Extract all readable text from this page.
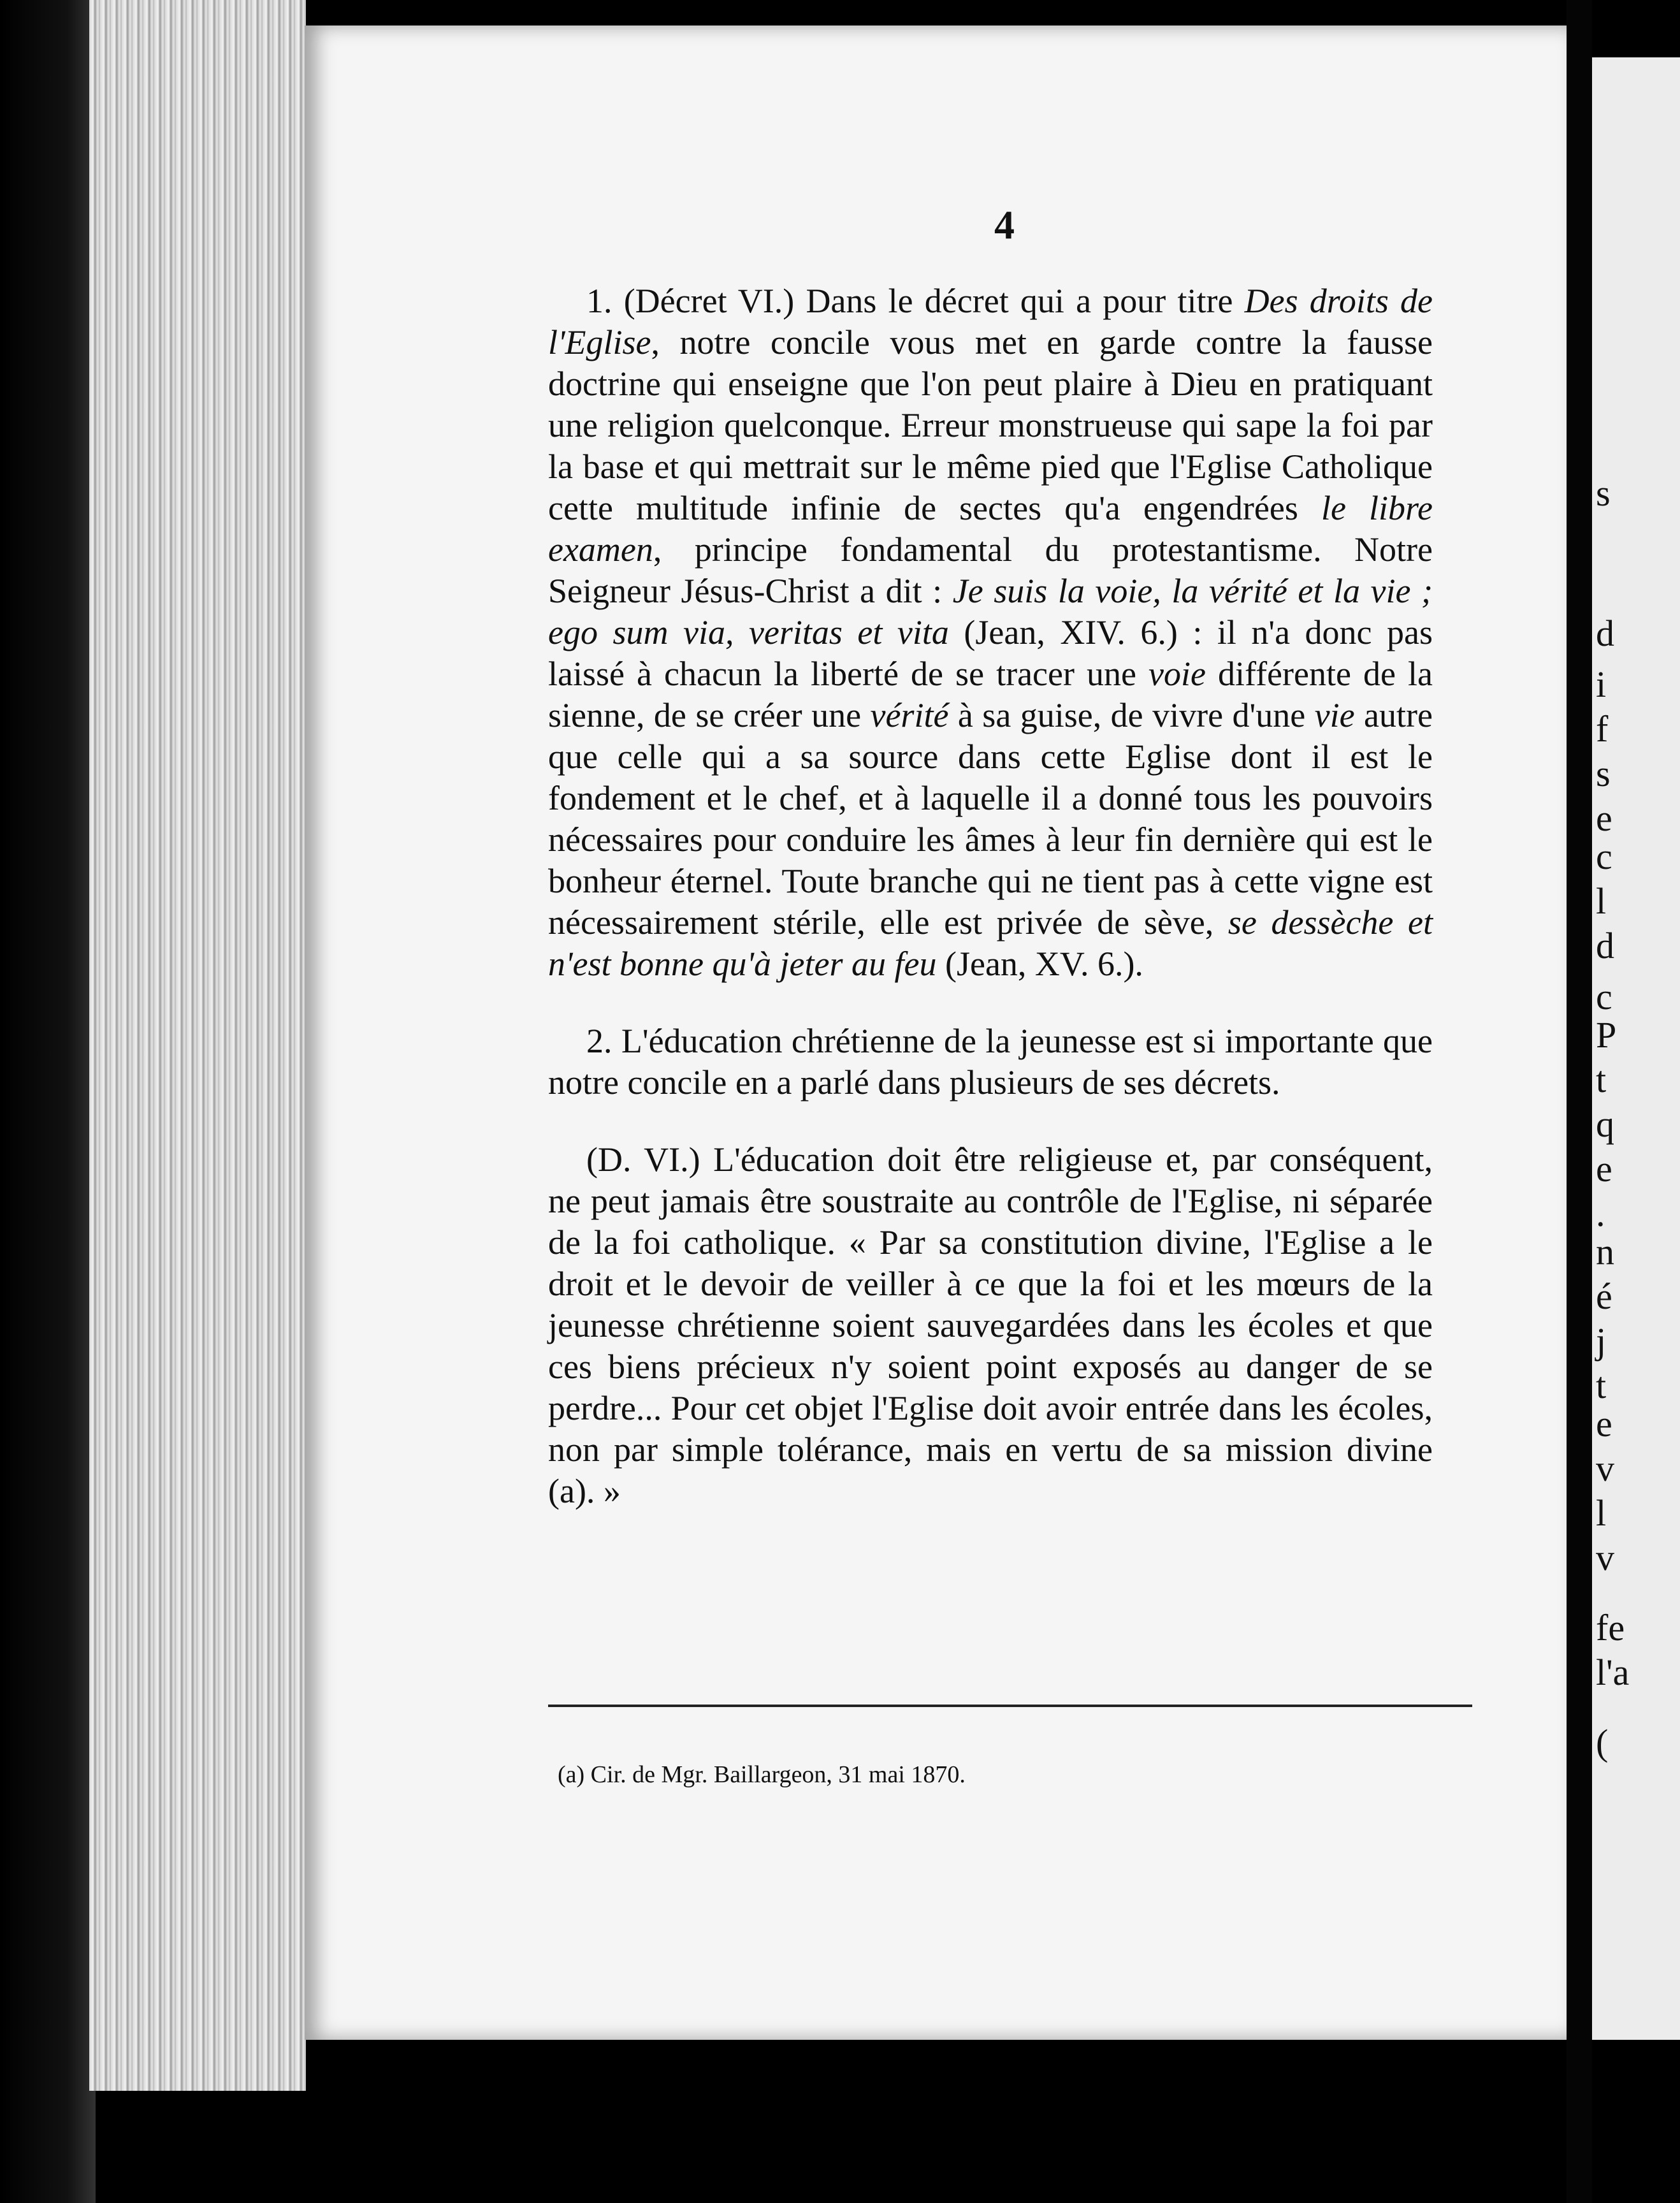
4

1. (Décret VI.) Dans le décret qui a pour titre Des droits de l'Eglise, notre concile vous met en garde contre la fausse doctrine qui enseigne que l'on peut plaire à Dieu en pratiquant une religion quelconque. Erreur monstrueuse qui sape la foi par la base et qui mettrait sur le même pied que l'Eglise Catholique cette multitude infinie de sectes qu'a engendrées le libre examen, principe fondamental du protestantisme. Notre Seigneur Jésus-Christ a dit : Je suis la voie, la vérité et la vie ; ego sum via, veritas et vita (Jean, XIV. 6.) : il n'a donc pas laissé à chacun la liberté de se tracer une voie différente de la sienne, de se créer une vérité à sa guise, de vivre d'une vie autre que celle qui a sa source dans cette Eglise dont il est le fondement et le chef, et à laquelle il a donné tous les pouvoirs nécessaires pour conduire les âmes à leur fin dernière qui est le bonheur éternel. Toute branche qui ne tient pas à cette vigne est nécessairement stérile, elle est privée de sève, se dessèche et n'est bonne qu'à jeter au feu (Jean, XV. 6.).

2. L'éducation chrétienne de la jeunesse est si importante que notre concile en a parlé dans plusieurs de ses décrets.

(D. VI.) L'éducation doit être religieuse et, par conséquent, ne peut jamais être soustraite au contrôle de l'Eglise, ni séparée de la foi catholique. « Par sa constitution divine, l'Eglise a le droit et le devoir de veiller à ce que la foi et les mœurs de la jeunesse chrétienne soient sauvegardées dans les écoles et que ces biens précieux n'y soient point exposés au danger de se perdre... Pour cet objet l'Eglise doit avoir entrée dans les écoles, non par simple tolérance, mais en vertu de sa mission divine (a). »

(a) Cir. de Mgr. Baillargeon, 31 mai 1870.

s
d
i
f
s
e
c
l
d
c
P
t
q
e
.
n
é
j
t
e
v
l
v
fe
l'a
(
